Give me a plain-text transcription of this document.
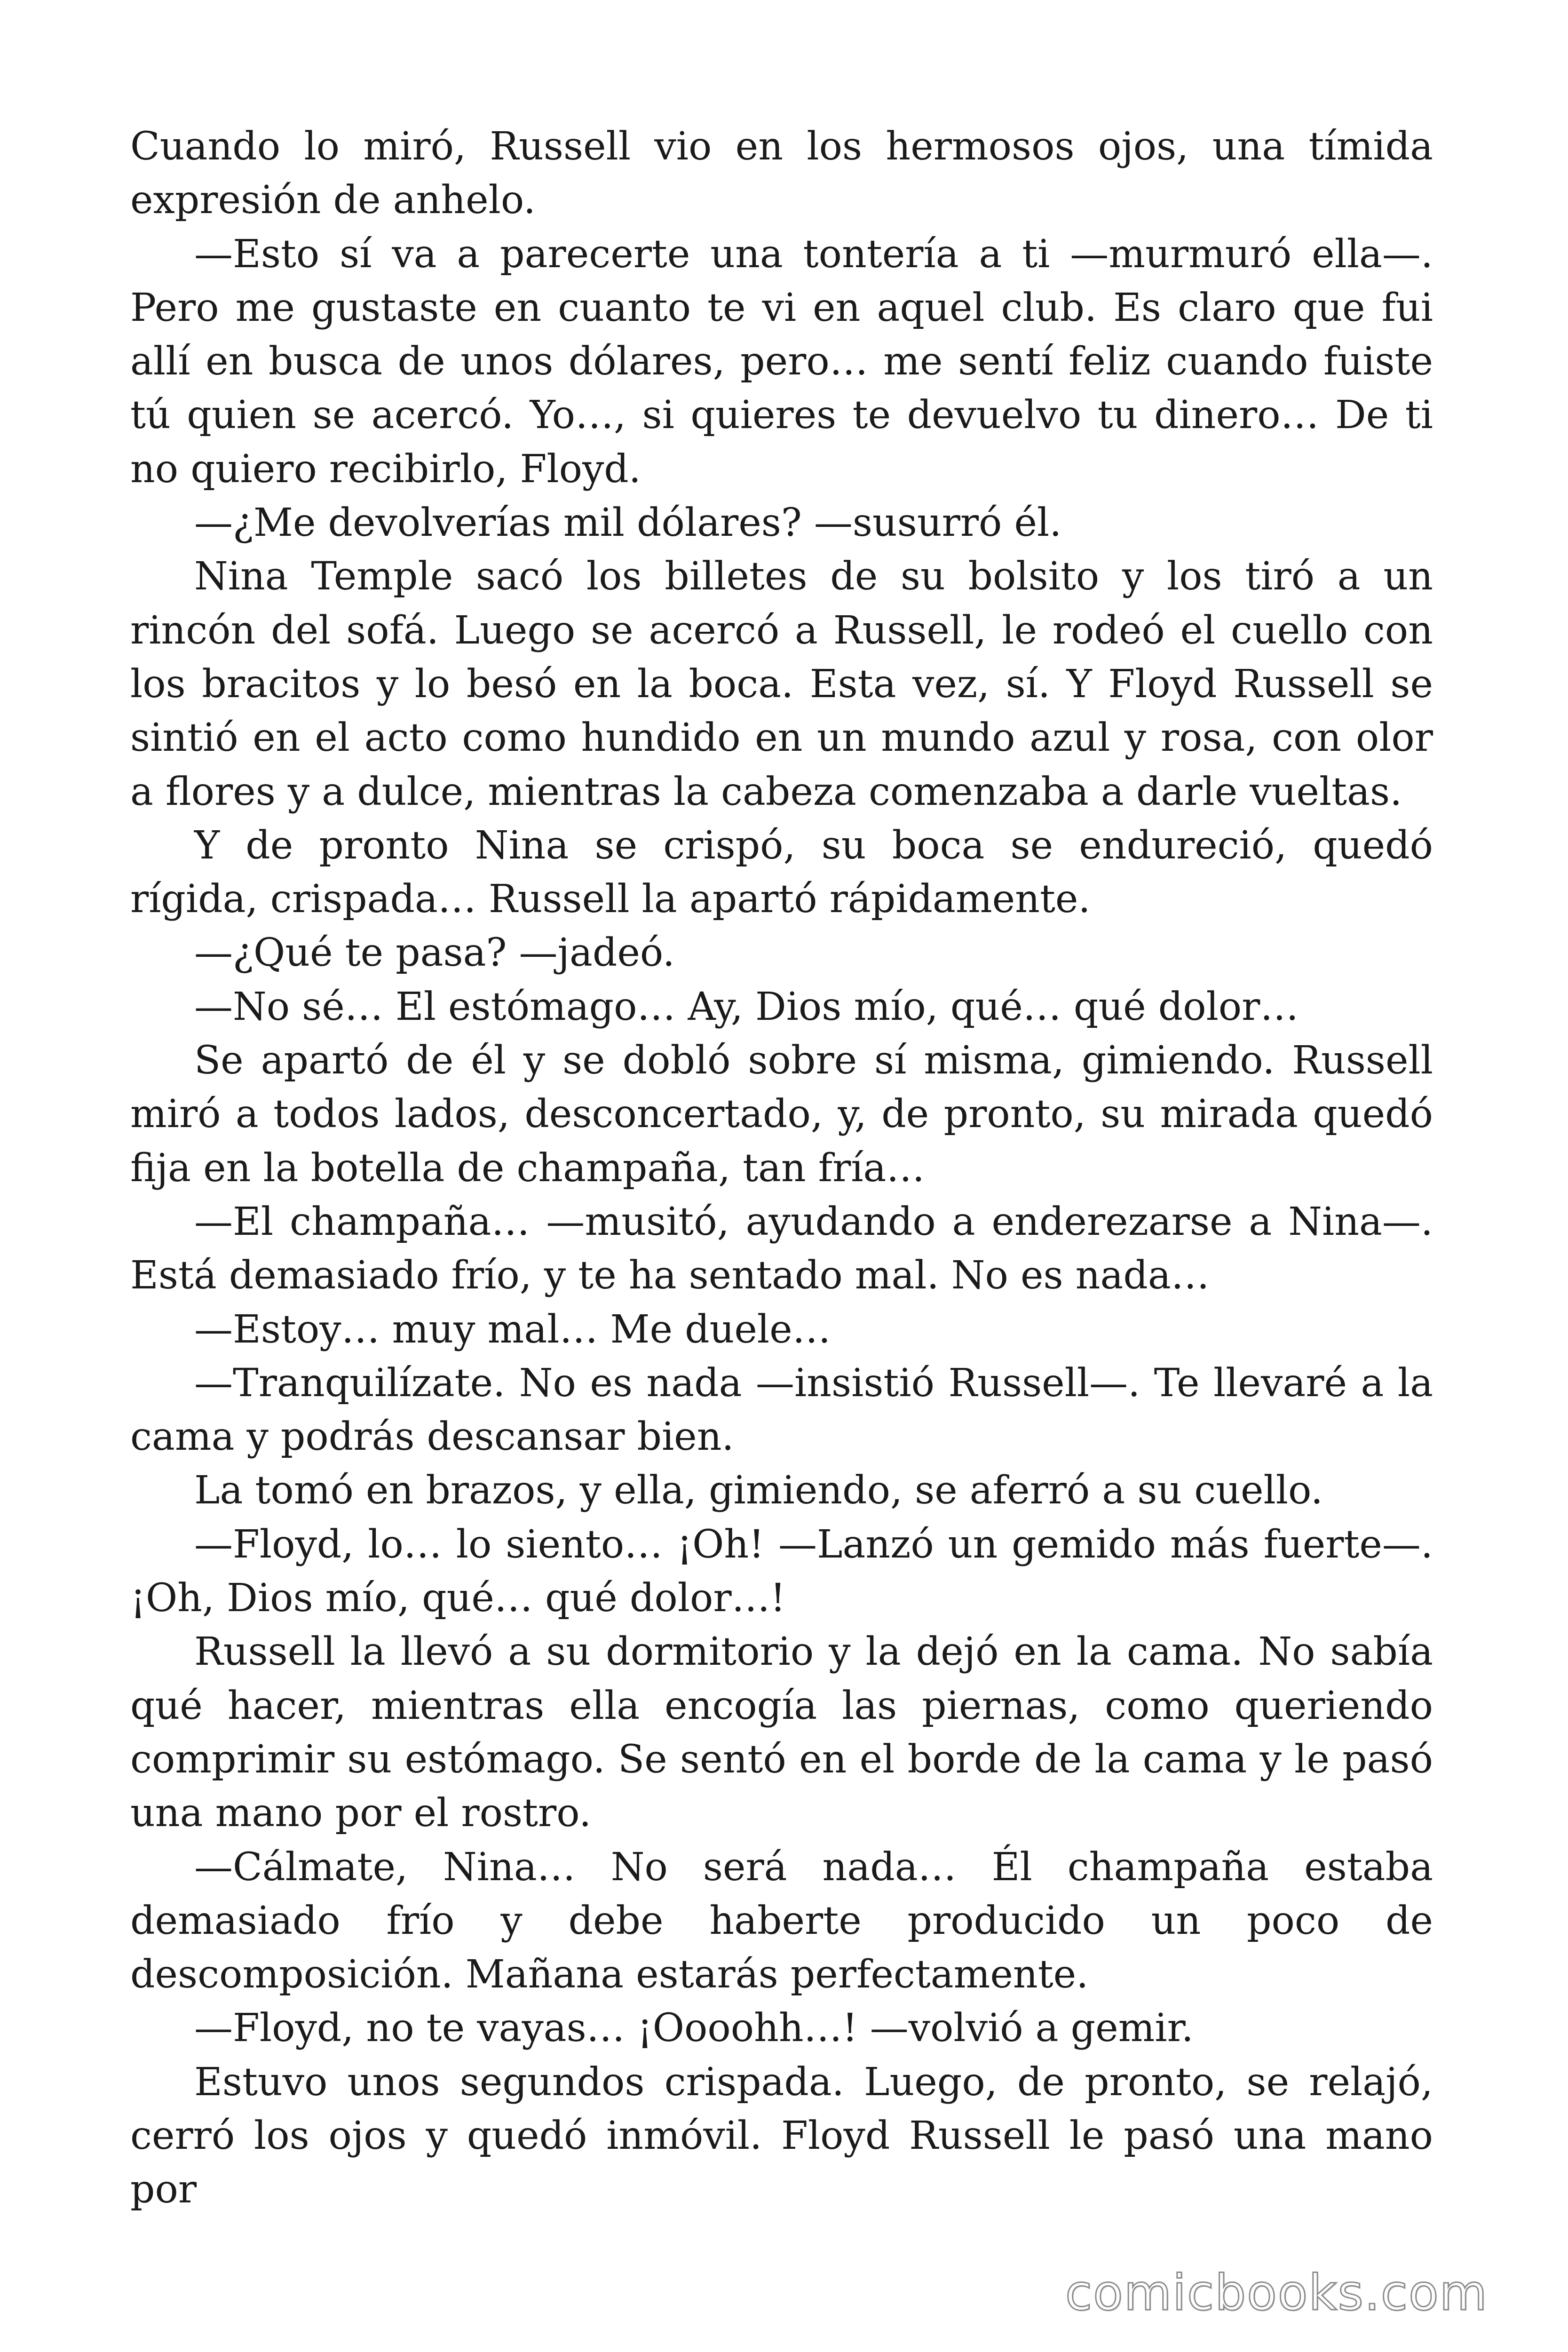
Cuando lo miró, Russell vio en los hermosos ojos, una tímida expresión de anhelo.

—Esto sí va a parecerte una tontería a ti —murmuró ella—. Pero me gustaste en cuanto te vi en aquel club. Es claro que fui allí en busca de unos dólares, pero… me sentí feliz cuando fuiste tú quien se acercó. Yo…, si quieres te devuelvo tu dinero… De ti no quiero recibirlo, Floyd.

—¿Me devolverías mil dólares? —susurró él.

Nina Temple sacó los billetes de su bolsito y los tiró a un rincón del sofá. Luego se acercó a Russell, le rodeó el cuello con los bracitos y lo besó en la boca. Esta vez, sí. Y Floyd Russell se sintió en el acto como hundido en un mundo azul y rosa, con olor a flores y a dulce, mientras la cabeza comenzaba a darle vueltas.

Y de pronto Nina se crispó, su boca se endureció, quedó rígida, crispada… Russell la apartó rápidamente.

—¿Qué te pasa? —jadeó.

—No sé… El estómago… Ay, Dios mío, qué… qué dolor…

Se apartó de él y se dobló sobre sí misma, gimiendo. Russell miró a todos lados, desconcertado, y, de pronto, su mirada quedó fija en la botella de champaña, tan fría…

—El champaña… —musitó, ayudando a enderezarse a Nina—. Está demasiado frío, y te ha sentado mal. No es nada…

—Estoy… muy mal… Me duele…

—Tranquilízate. No es nada —insistió Russell—. Te llevaré a la cama y podrás descansar bien.

La tomó en brazos, y ella, gimiendo, se aferró a su cuello.

—Floyd, lo… lo siento… ¡Oh! —Lanzó un gemido más fuerte—. ¡Oh, Dios mío, qué… qué dolor…!

Russell la llevó a su dormitorio y la dejó en la cama. No sabía qué hacer, mientras ella encogía las piernas, como queriendo comprimir su estómago. Se sentó en el borde de la cama y le pasó una mano por el rostro.

—Cálmate, Nina… No será nada… Él champaña estaba demasiado frío y debe haberte producido un poco de descomposición. Mañana estarás perfectamente.

—Floyd, no te vayas… ¡Oooohh…! —volvió a gemir.

Estuvo unos segundos crispada. Luego, de pronto, se relajó, cerró los ojos y quedó inmóvil. Floyd Russell le pasó una mano por

comicbooks.com
